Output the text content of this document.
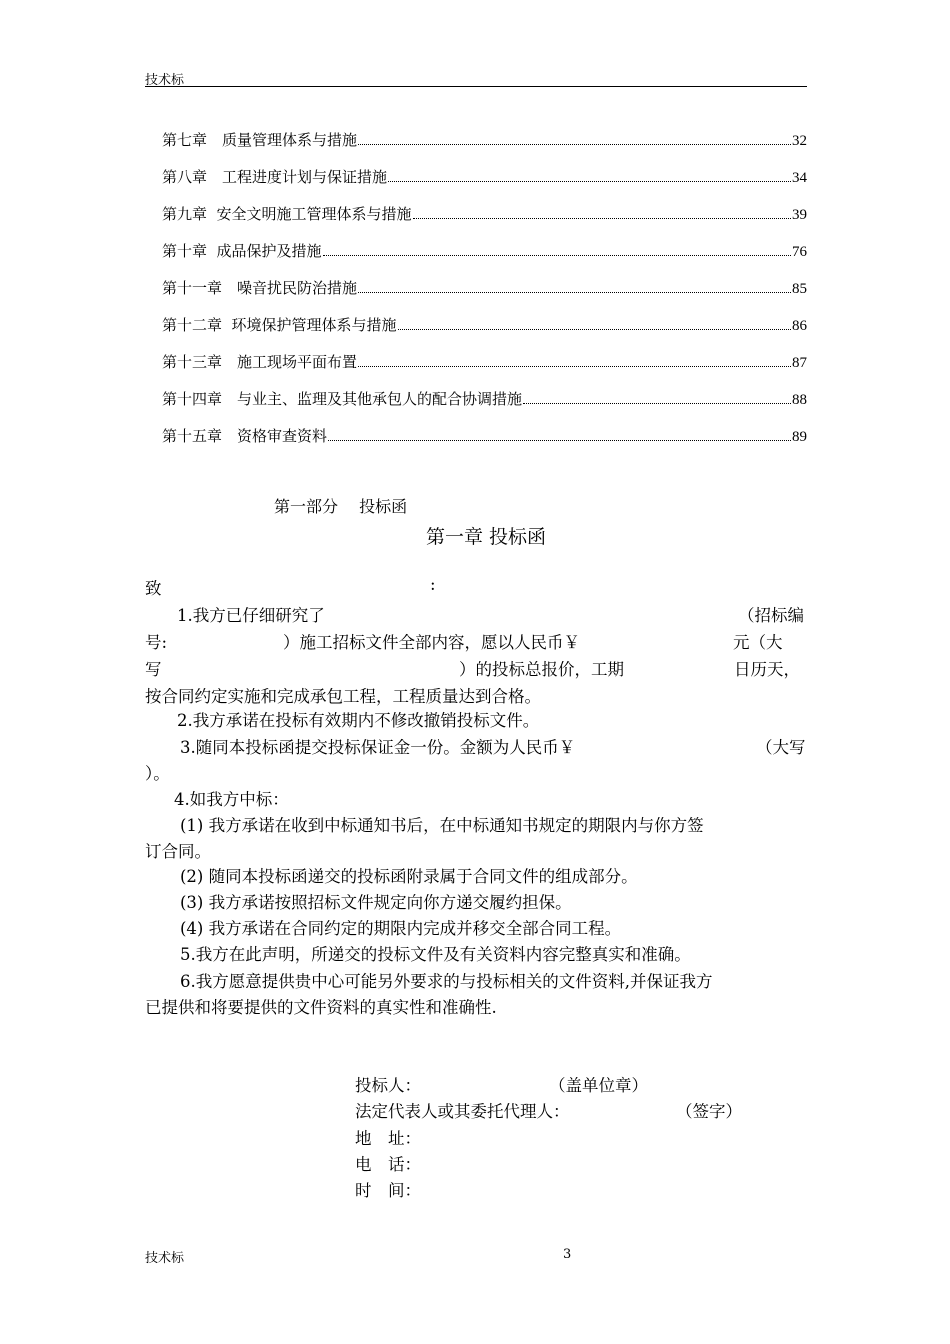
技术标
第七章　质量管理体系与措施	32
第八章　工程进度计划与保证措施	34
第九章  安全文明施工管理体系与措施	39
第十章  成品保护及措施	76
第十一章　噪音扰民防治措施	85
第十二章  环境保护管理体系与措施	86
第十三章　施工现场平面布置	87
第十四章　与业主、监理及其他承包人的配合协调措施	88
第十五章　资格审查资料	89
第一部分　 投标函
第一章 投标函
致	:
1.我方已仔细研究了	（招标编
号:	）施工招标文件全部内容，愿以人民币￥	元（大
写	）的投标总报价，工期	日历天，
按合同约定实施和完成承包工程，工程质量达到合格。
2.我方承诺在投标有效期内不修改撤销投标文件。
3.随同本投标函提交投标保证金一份。金额为人民币￥	（大写
）。
4.如我方中标：
(1) 我方承诺在收到中标通知书后，在中标通知书规定的期限内与你方签
订合同。
(2) 随同本投标函递交的投标函附录属于合同文件的组成部分。
(3) 我方承诺按照招标文件规定向你方递交履约担保。
(4) 我方承诺在合同约定的期限内完成并移交全部合同工程。
5.我方在此声明，所递交的投标文件及有关资料内容完整真实和准确。
6.我方愿意提供贵中心可能另外要求的与投标相关的文件资料,并保证我方
已提供和将要提供的文件资料的真实性和准确性.
投标人：	（盖单位章）
法定代表人或其委托代理人：	（签字）
地　址：
电　话：
时　间：
技术标	3
